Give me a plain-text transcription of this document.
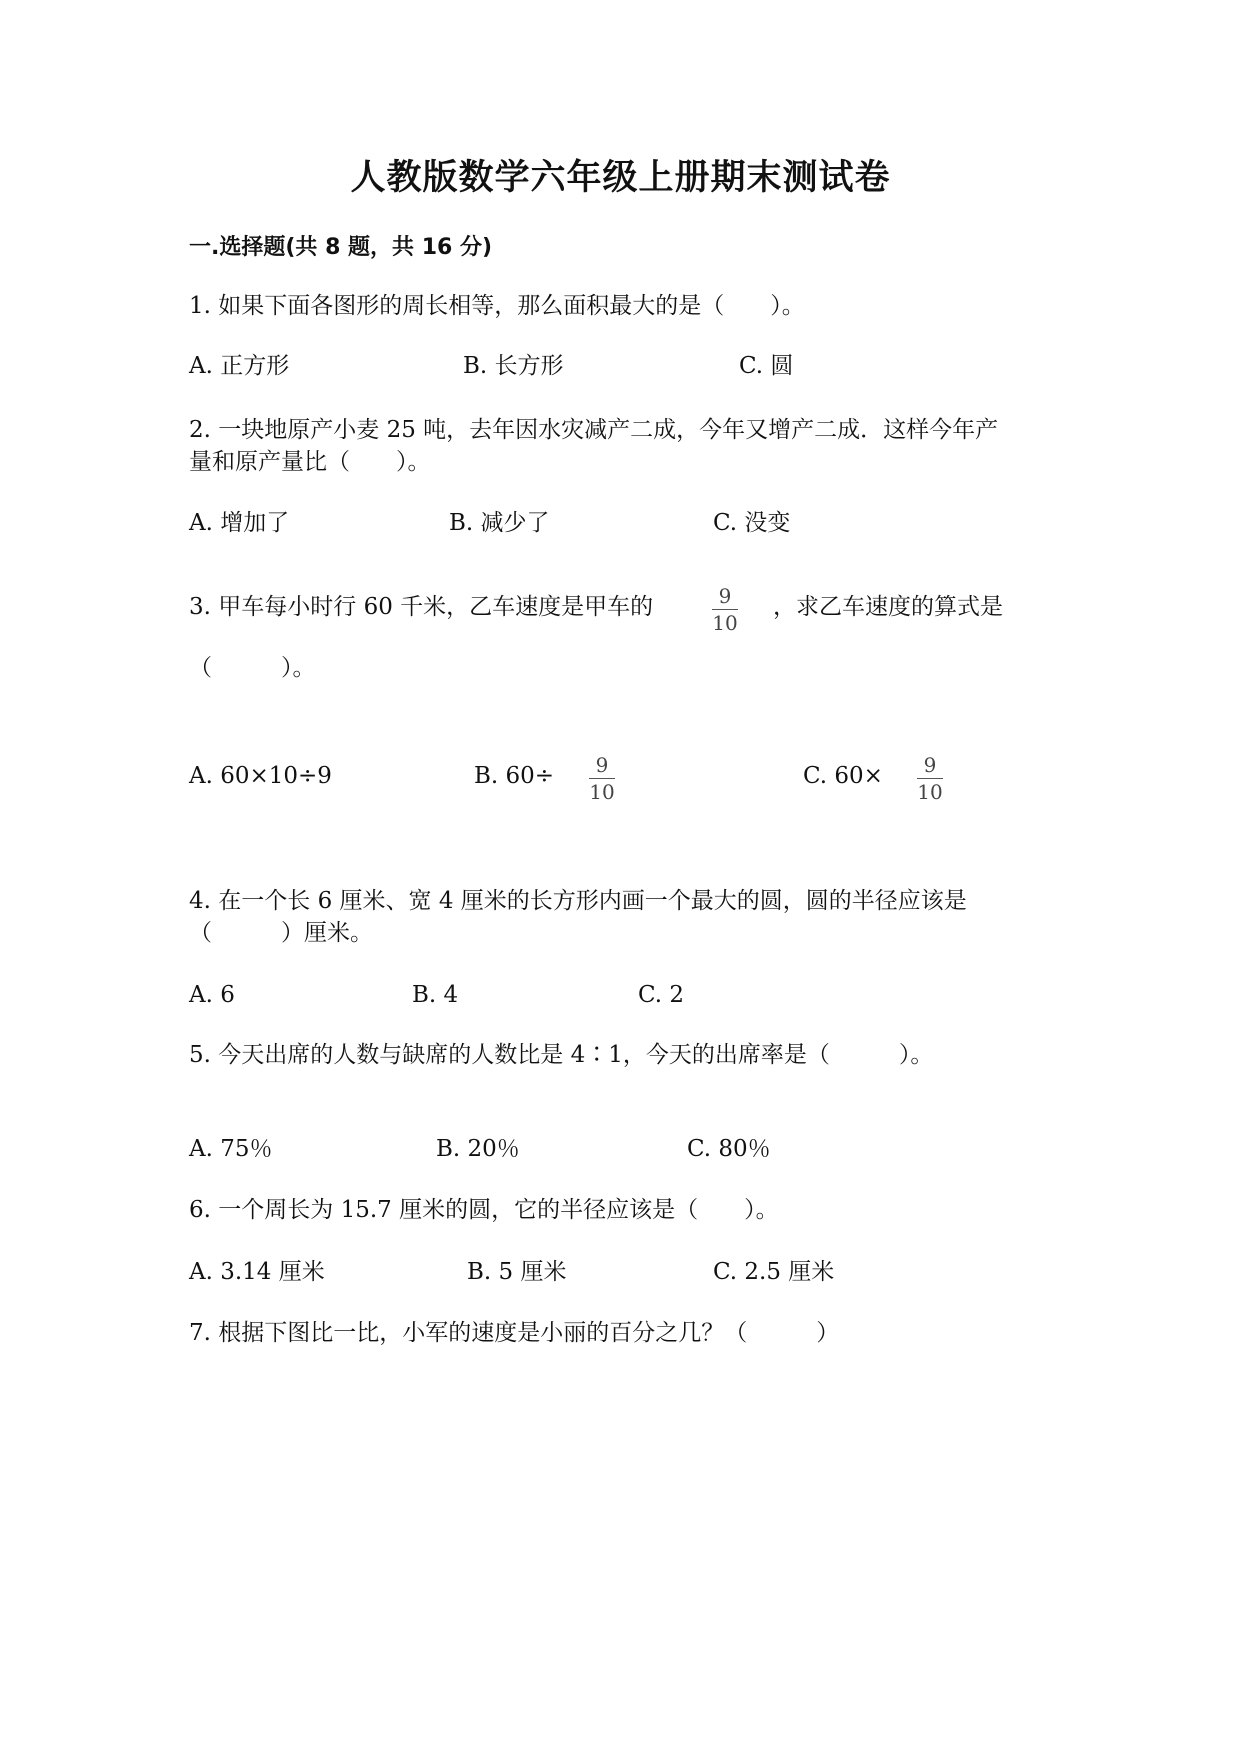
人教版数学六年级上册期末测试卷
一.选择题(共 8 题，共 16 分)
1. 如果下面各图形的周长相等，那么面积最大的是（　　）。
A. 正方形	B. 长方形	C. 圆
2. 一块地原产小麦 25 吨，去年因水灾减产二成，今年又增产二成．这样今年产
量和原产量比（　　）。
A. 增加了	B. 减少了	C. 没变
3. 甲车每小时行 60 千米，乙车速度是甲车的	9
10
，求乙车速度的算式是
（　　　）。
A. 60×10÷9	B. 60÷ 9
10
C. 60× 9
10
4. 在一个长 6 厘米、宽 4 厘米的长方形内画一个最大的圆，圆的半径应该是
（　　　）厘米。
A. 6	B. 4	C. 2
5. 今天出席的人数与缺席的人数比是 4∶1，今天的出席率是（　　　）。
A. 75％	B. 20％	C. 80％
6. 一个周长为 15.7 厘米的圆，它的半径应该是（　　）。
A. 3.14 厘米	B. 5 厘米	C. 2.5 厘米
7. 根据下图比一比，小军的速度是小丽的百分之几？（　　　）
